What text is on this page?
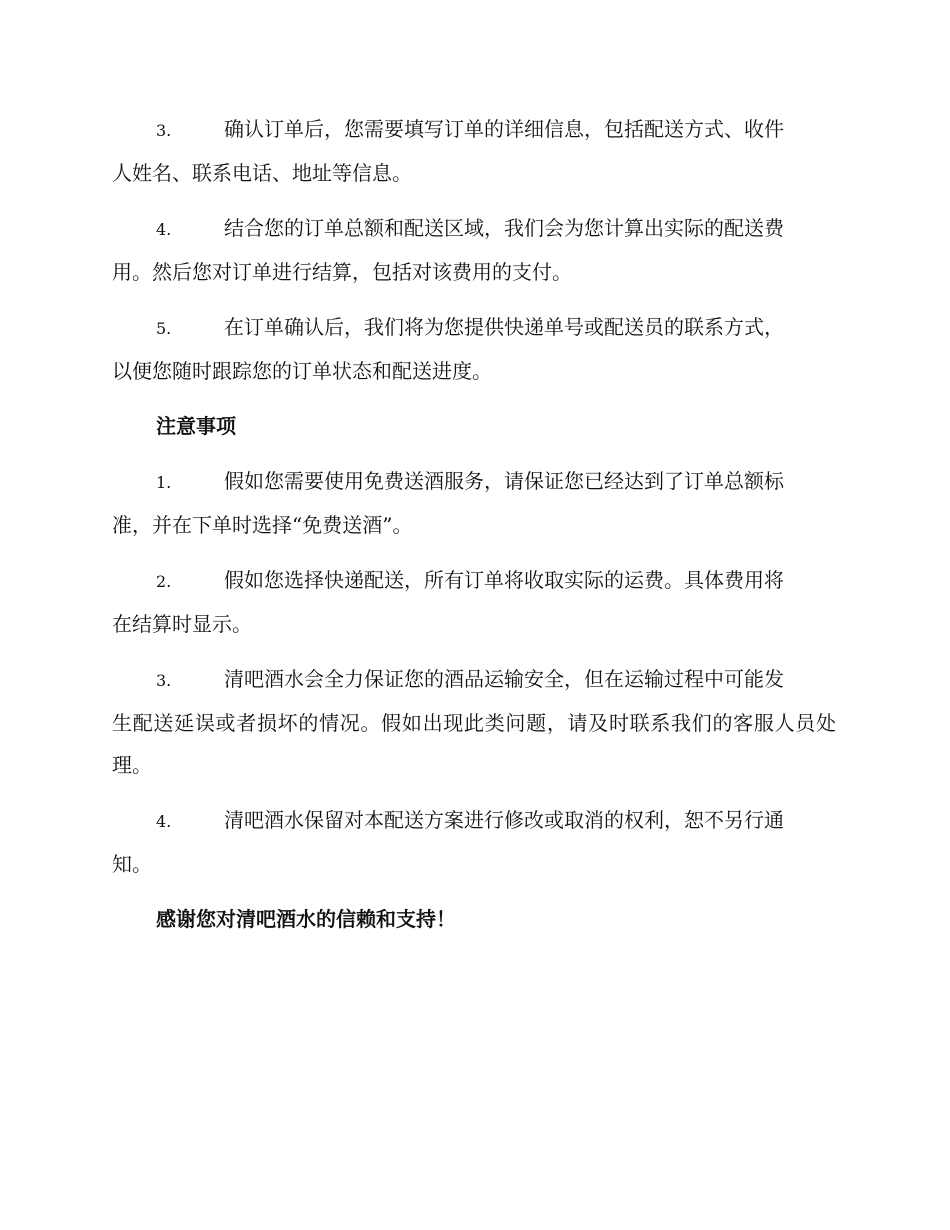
3.	确认订单后，您需要填写订单的详细信息，包括配送方式、收件
人姓名、联系电话、地址等信息。
4.	结合您的订单总额和配送区域，我们会为您计算出实际的配送费
用。然后您对订单进行结算，包括对该费用的支付。
5.	在订单确认后，我们将为您提供快递单号或配送员的联系方式，
以便您随时跟踪您的订单状态和配送进度。
注意事项
1.	假如您需要使用免费送酒服务，请保证您已经达到了订单总额标
准，并在下单时选择“免费送酒”。
2.	假如您选择快递配送，所有订单将收取实际的运费。具体费用将
在结算时显示。
3.	清吧酒水会全力保证您的酒品运输安全，但在运输过程中可能发
生配送延误或者损坏的情况。假如出现此类问题，请及时联系我们的客服人员处理。
4.	清吧酒水保留对本配送方案进行修改或取消的权利，恕不另行通
知。
感谢您对清吧酒水的信赖和支持！
